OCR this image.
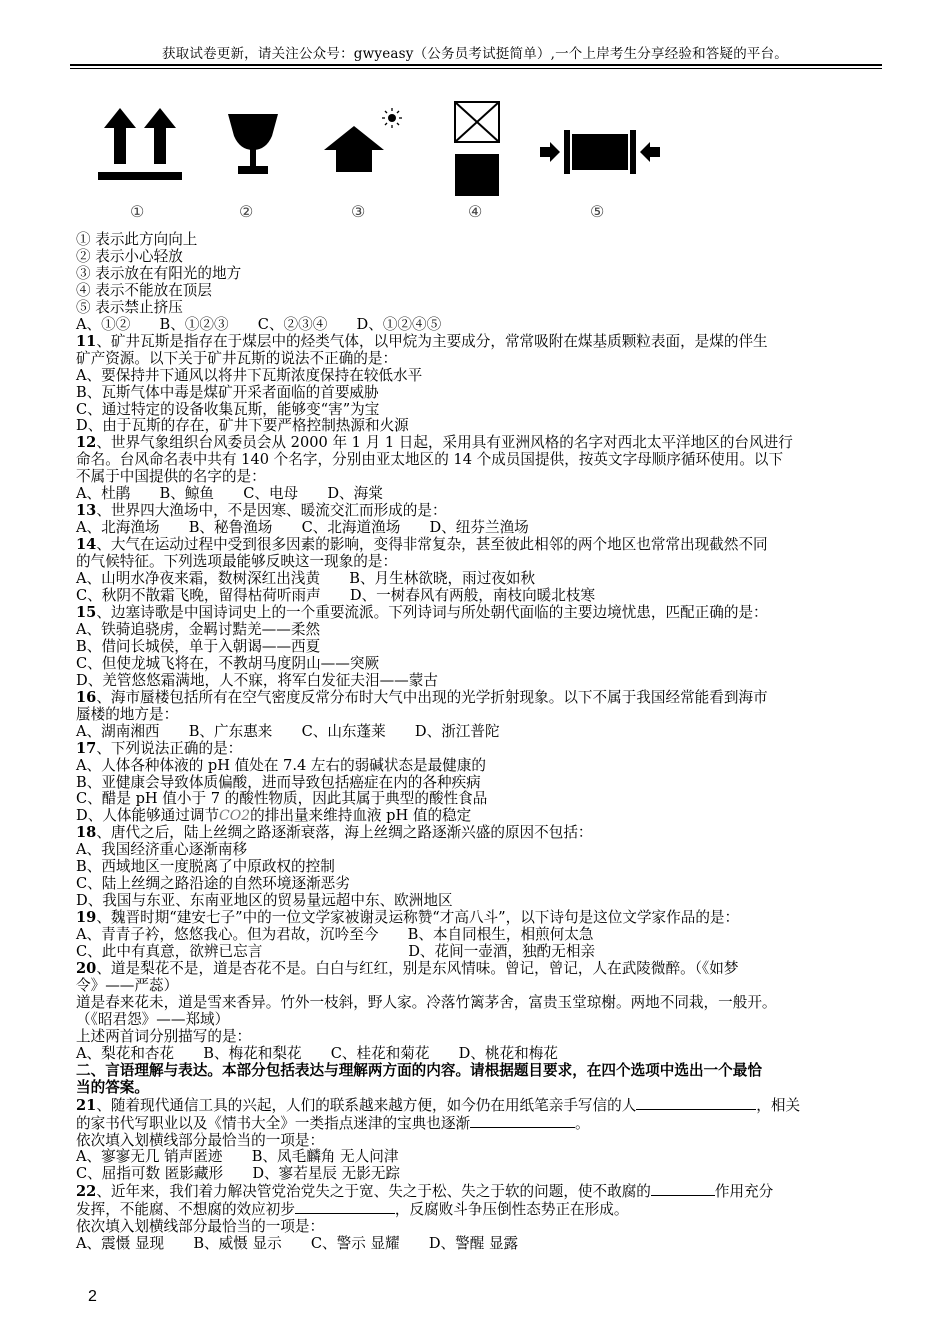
获取试卷更新，请关注公众号：gwyeasy（公务员考试挺简单）,一个上岸考生分享经验和答疑的平台。
①	②	③	④	⑤

① 表示此方向向上

② 表示小心轻放

③ 表示放在有阳光的地方

④ 表示不能放在顶层

⑤ 表示禁止挤压

A、①②　　B、①②③　　C、②③④　　D、①②④⑤

11、矿井瓦斯是指存在于煤层中的烃类气体，以甲烷为主要成分，常常吸附在煤基质颗粒表面，是煤的伴生

矿产资源。以下关于矿井瓦斯的说法不正确的是：

A、要保持井下通风以将井下瓦斯浓度保持在较低水平

B、瓦斯气体中毒是煤矿开采者面临的首要威胁

C、通过特定的设备收集瓦斯，能够变“害”为宝

D、由于瓦斯的存在，矿井下要严格控制热源和火源

12、世界气象组织台风委员会从 2000 年 1 月 1 日起，采用具有亚洲风格的名字对西北太平洋地区的台风进行

命名。台风命名表中共有 140 个名字，分别由亚太地区的 14 个成员国提供，按英文字母顺序循环使用。以下

不属于中国提供的名字的是：

A、杜鹃　　B、鲸鱼　　C、电母　　D、海棠

13、世界四大渔场中，不是因寒、暖流交汇而形成的是：

A、北海渔场　　B、秘鲁渔场　　C、北海道渔场　　D、纽芬兰渔场

14、大气在运动过程中受到很多因素的影响，变得非常复杂，甚至彼此相邻的两个地区也常常出现截然不同

的气候特征。下列选项最能够反映这一现象的是：

A、山明水净夜来霜，数树深红出浅黄　　B、月生林欲晓，雨过夜如秋

C、秋阴不散霜飞晚，留得枯荷听雨声　　D、一树春风有两般，南枝向暖北枝寒

15、边塞诗歌是中国诗词史上的一个重要流派。下列诗词与所处朝代面临的主要边境忧患，匹配正确的是：

A、铁骑追骁虏，金羁讨黠羌——柔然

B、借问长城侯，单于入朝谒——西夏

C、但使龙城飞将在，不教胡马度阴山——突厥

D、羌管悠悠霜满地，人不寐，将军白发征夫泪——蒙古

16、海市蜃楼包括所有在空气密度反常分布时大气中出现的光学折射现象。以下不属于我国经常能看到海市

蜃楼的地方是：

A、湖南湘西　　B、广东惠来　　C、山东蓬莱　　D、浙江普陀

17、下列说法正确的是：

A、人体各种体液的 pH 值处在 7.4 左右的弱碱状态是最健康的

B、亚健康会导致体质偏酸，进而导致包括癌症在内的各种疾病

C、醋是 pH 值小于 7 的酸性物质，因此其属于典型的酸性食品

D、人体能够通过调节CO2的排出量来维持血液 pH 值的稳定

18、唐代之后，陆上丝绸之路逐渐衰落，海上丝绸之路逐渐兴盛的原因不包括：

A、我国经济重心逐渐南移

B、西域地区一度脱离了中原政权的控制

C、陆上丝绸之路沿途的自然环境逐渐恶劣

D、我国与东亚、东南亚地区的贸易量远超中东、欧洲地区

19、魏晋时期“建安七子”中的一位文学家被谢灵运称赞“才高八斗”，以下诗句是这位文学家作品的是：

A、青青子衿，悠悠我心。但为君故，沉吟至今　　B、本自同根生，相煎何太急

C、此中有真意，欲辨已忘言　　　　　　　　　　D、花间一壶酒，独酌无相亲

20、道是梨花不是，道是杏花不是。白白与红红，别是东风情味。曾记，曾记，人在武陵微醉。（《如梦

令》——严蕊）

道是春来花未，道是雪来香异。竹外一枝斜，野人家。冷落竹篱茅舍，富贵玉堂琼榭。两地不同栽，一般开。

（《昭君怨》——郑域）

上述两首词分别描写的是：

A、梨花和杏花　　B、梅花和梨花　　C、桂花和菊花　　D、桃花和梅花

二、言语理解与表达。本部分包括表达与理解两方面的内容。请根据题目要求，在四个选项中选出一个最恰

当的答案。

21、随着现代通信工具的兴起，人们的联系越来越方便，如今仍在用纸笔亲手写信的人	，相关

的家书代写职业以及《情书大全》一类指点迷津的宝典也逐渐	。

依次填入划横线部分最恰当的一项是：

A、寥寥无几 销声匿迹　　B、凤毛麟角 无人问津

C、屈指可数 匿影藏形　　D、寥若星辰 无影无踪

22、近年来，我们着力解决管党治党失之于宽、失之于松、失之于软的问题，使不敢腐的	作用充分

发挥，不能腐、不想腐的效应初步	，反腐败斗争压倒性态势正在形成。

依次填入划横线部分最恰当的一项是：

A、震慑 显现　　B、威慑 显示　　C、警示 显耀　　D、警醒 显露

2
